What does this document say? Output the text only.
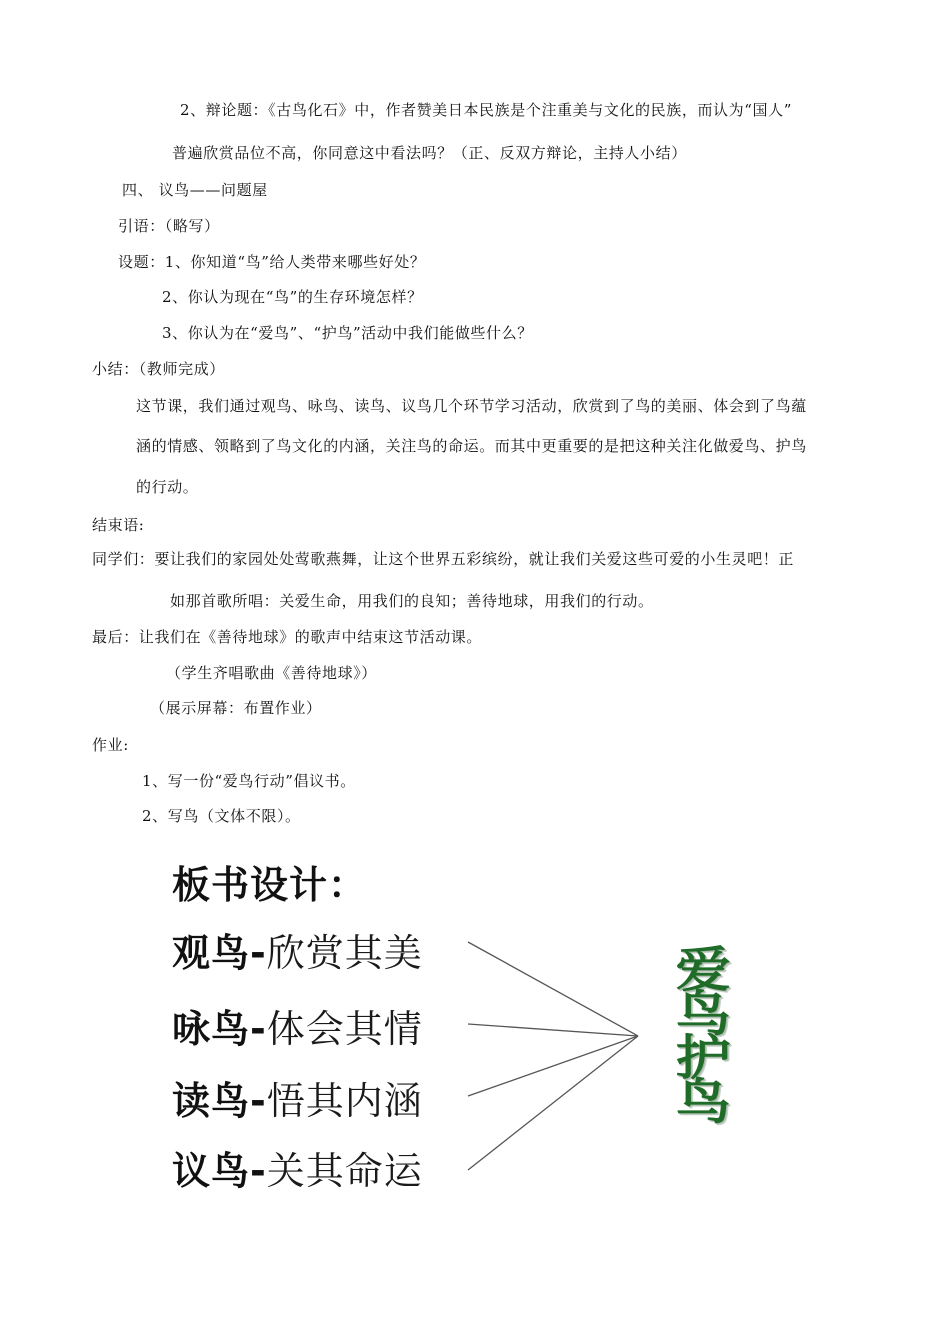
2、辩论题：《古鸟化石》中，作者赞美日本民族是个注重美与文化的民族，而认为“国人”
普遍欣赏品位不高，你同意这中看法吗？（正、反双方辩论，主持人小结）
四、 议鸟——问题屋
引语：（略写）
设题：1、你知道“鸟”给人类带来哪些好处？
2、你认为现在“鸟”的生存环境怎样？
3、你认为在“爱鸟”、“护鸟”活动中我们能做些什么？
小结：（教师完成）
这节课，我们通过观鸟、咏鸟、读鸟、议鸟几个环节学习活动，欣赏到了鸟的美丽、体会到了鸟蕴
涵的情感、领略到了鸟文化的内涵，关注鸟的命运。而其中更重要的是把这种关注化做爱鸟、护鸟
的行动。
结束语:
同学们：要让我们的家园处处莺歌燕舞，让这个世界五彩缤纷，就让我们关爱这些可爱的小生灵吧！正
如那首歌所唱：关爱生命，用我们的良知；善待地球，用我们的行动。
最后：让我们在《善待地球》的歌声中结束这节活动课。
（学生齐唱歌曲《善待地球》）
（展示屏幕：布置作业）
作业:
1、写一份“爱鸟行动”倡议书。
2、写鸟（文体不限）。
板书设计：
观鸟-欣赏其美
咏鸟-体会其情
读鸟-悟其内涵
议鸟-关其命运
爱鸟护鸟
